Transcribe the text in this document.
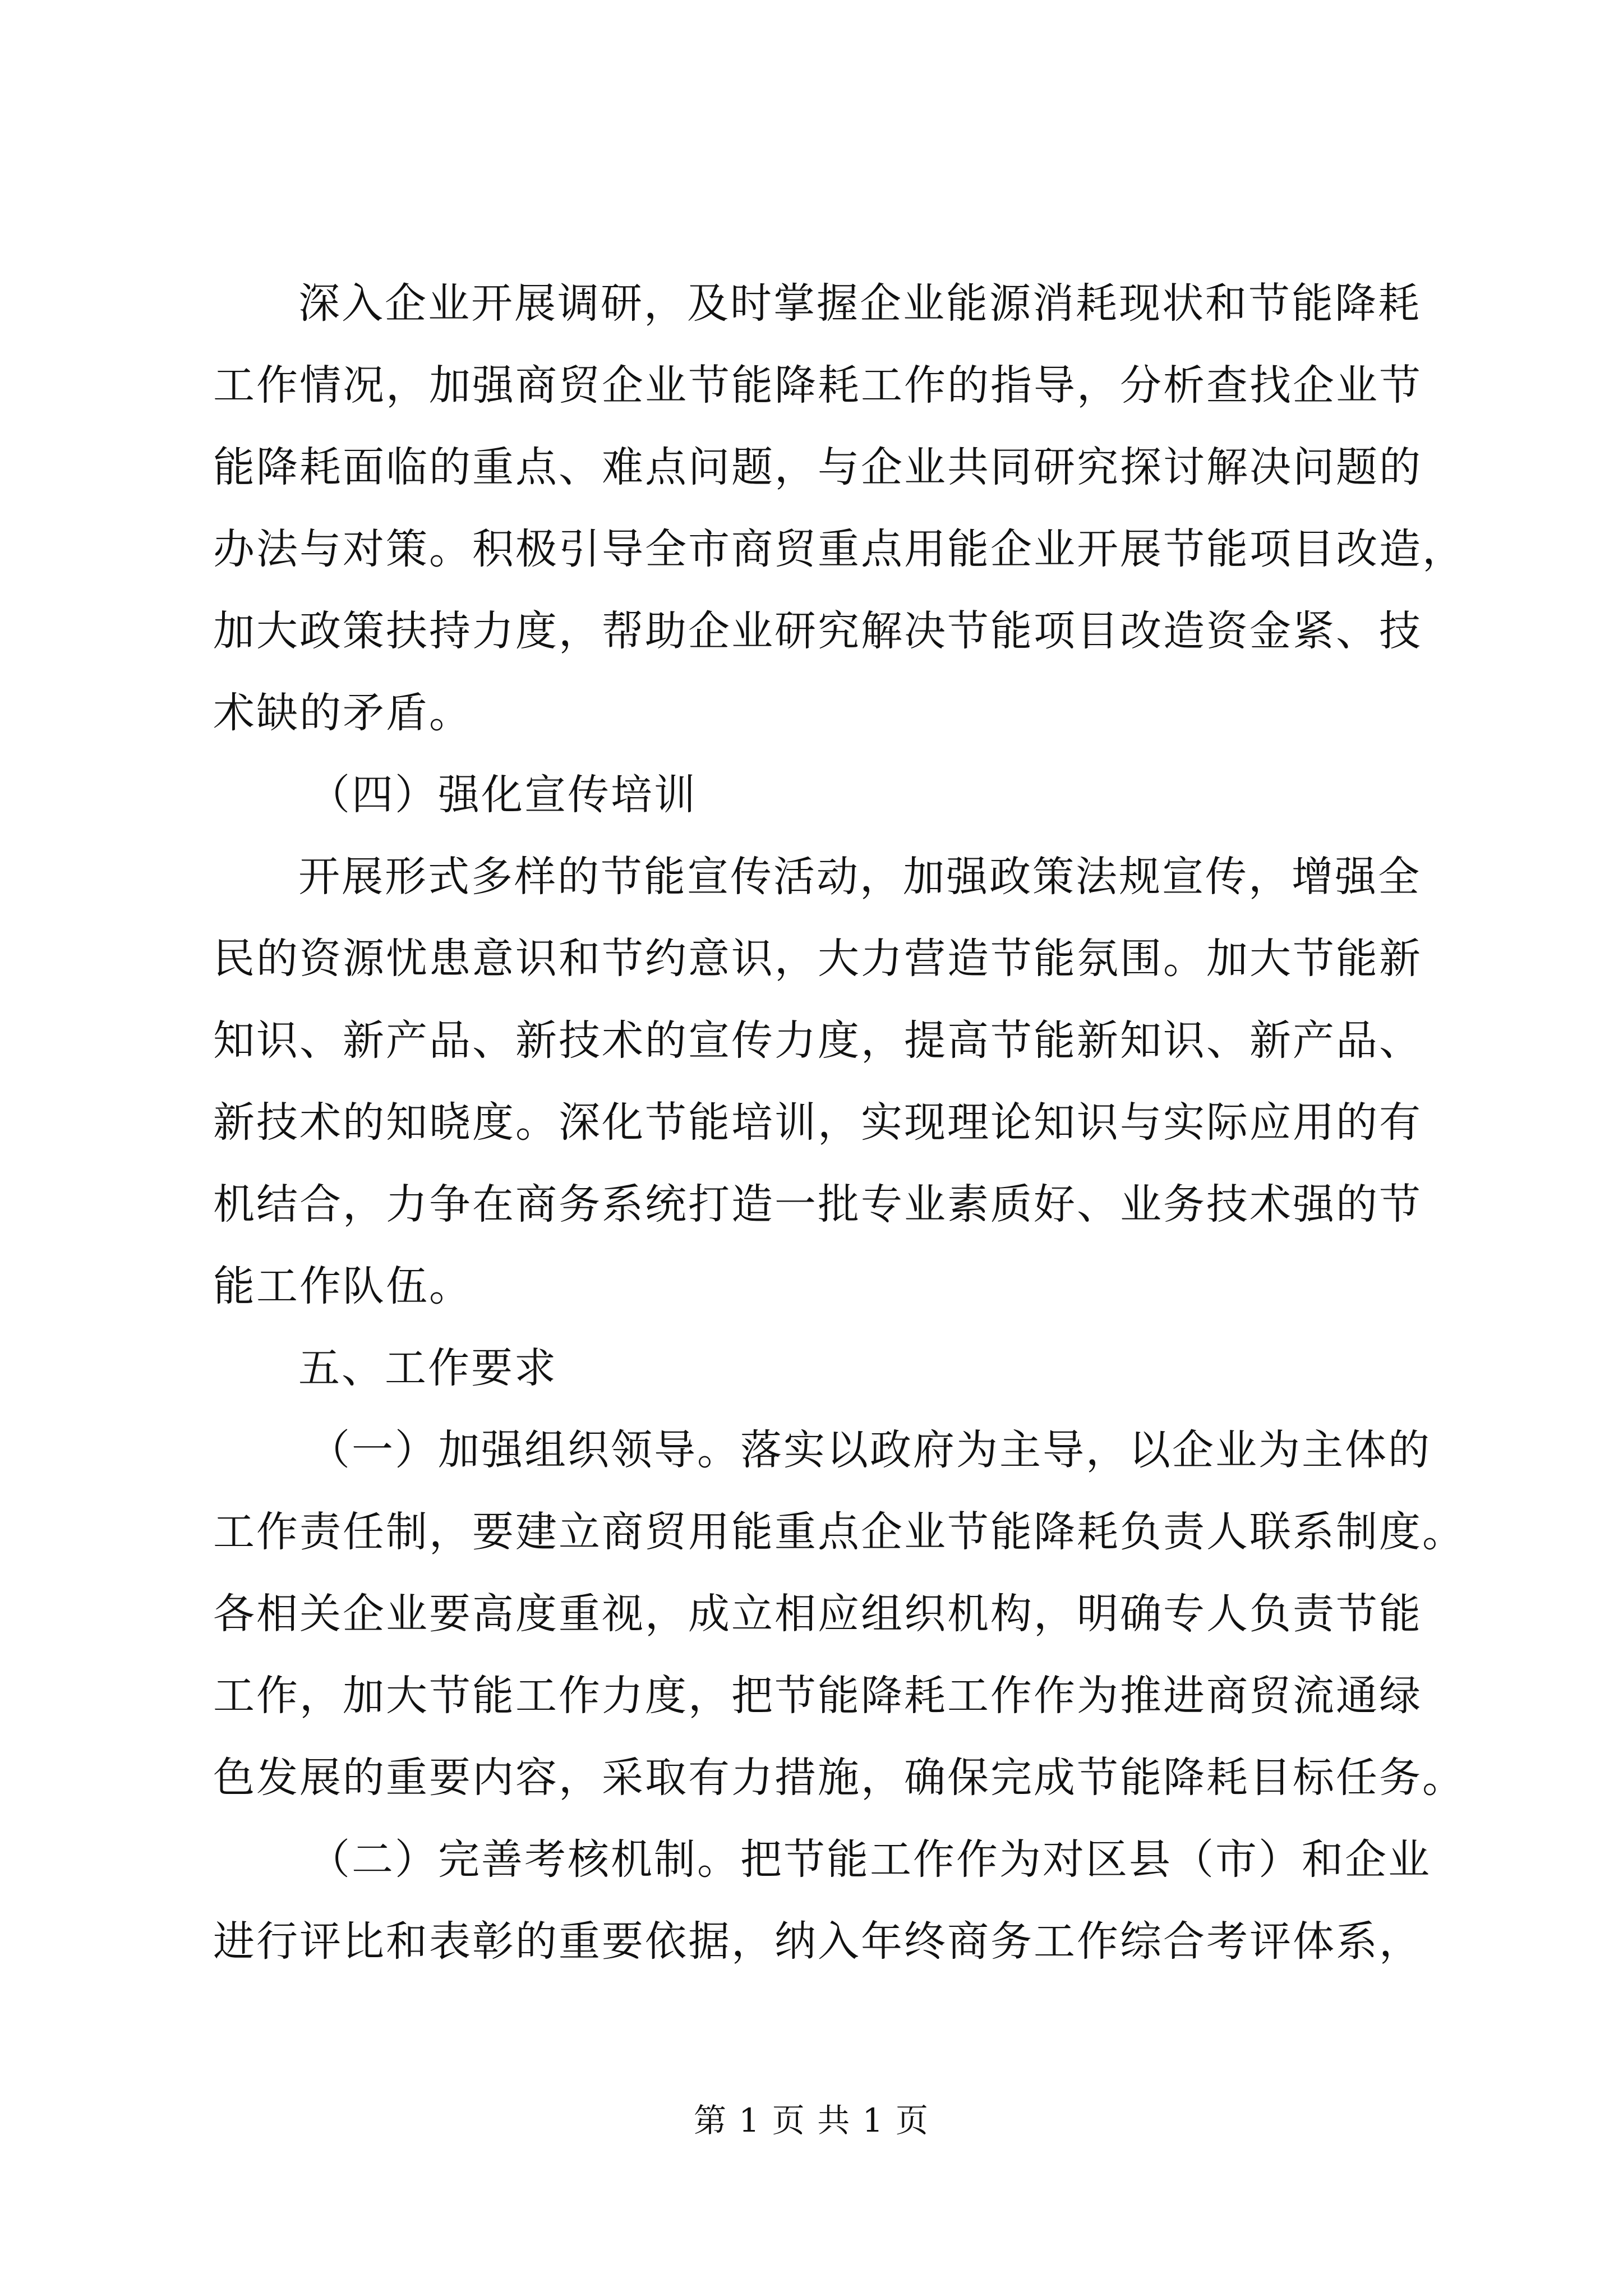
深入企业开展调研，及时掌握企业能源消耗现状和节能降耗
工作情况，加强商贸企业节能降耗工作的指导，分析查找企业节
能降耗面临的重点、难点问题，与企业共同研究探讨解决问题的
办法与对策。积极引导全市商贸重点用能企业开展节能项目改造，
加大政策扶持力度，帮助企业研究解决节能项目改造资金紧、技
术缺的矛盾。
（四）强化宣传培训
开展形式多样的节能宣传活动，加强政策法规宣传，增强全
民的资源忧患意识和节约意识，大力营造节能氛围。加大节能新
知识、新产品、新技术的宣传力度，提高节能新知识、新产品、
新技术的知晓度。深化节能培训，实现理论知识与实际应用的有
机结合，力争在商务系统打造一批专业素质好、业务技术强的节
能工作队伍。
五、工作要求
（一）加强组织领导。落实以政府为主导，以企业为主体的
工作责任制，要建立商贸用能重点企业节能降耗负责人联系制度。
各相关企业要高度重视，成立相应组织机构，明确专人负责节能
工作，加大节能工作力度，把节能降耗工作作为推进商贸流通绿
色发展的重要内容，采取有力措施，确保完成节能降耗目标任务。
（二）完善考核机制。把节能工作作为对区县（市）和企业
进行评比和表彰的重要依据，纳入年终商务工作综合考评体系，
第 1 页 共 1 页
